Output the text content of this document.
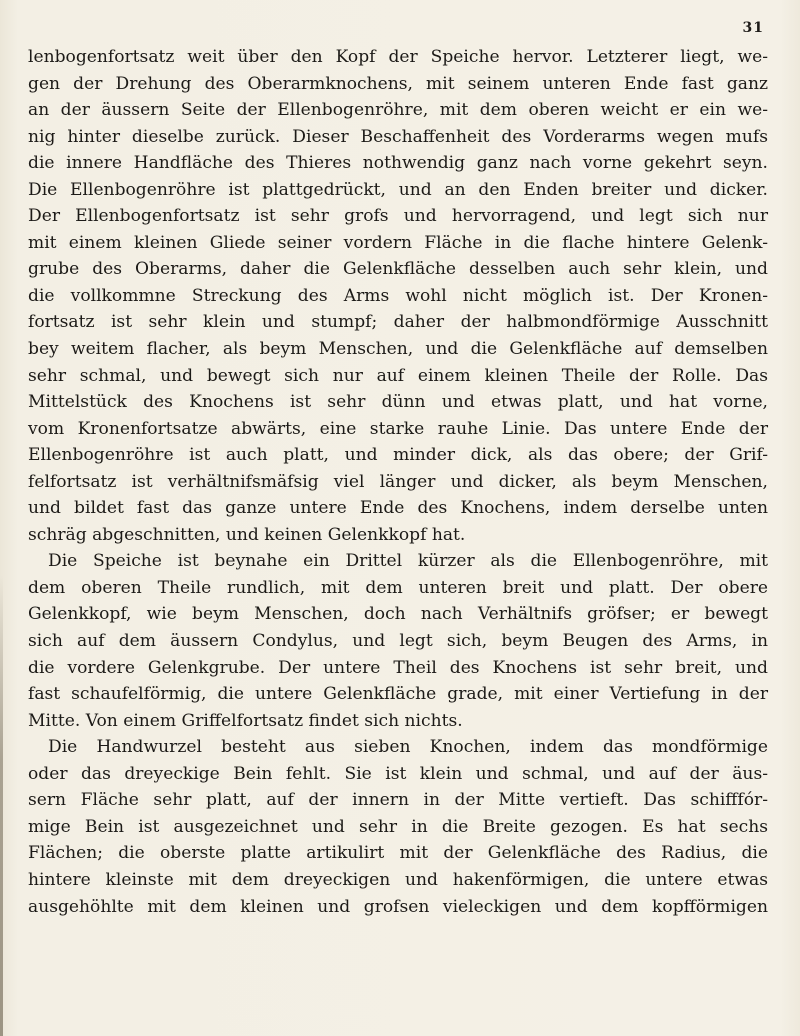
31
lenbogenfortsatz weit über den Kopf der Speiche hervor. Letzterer liegt, we-
gen der Drehung des Oberarmknochens, mit seinem unteren Ende fast ganz
an der äussern Seite der Ellenbogenröhre, mit dem oberen weicht er ein we-
nig hinter dieselbe zurück. Dieser Beschaffenheit des Vorderarms wegen mufs
die innere Handfläche des Thieres nothwendig ganz nach vorne gekehrt seyn.
Die Ellenbogenröhre ist plattgedrückt, und an den Enden breiter und dicker.
Der Ellenbogenfortsatz ist sehr grofs und hervorragend, und legt sich nur
mit einem kleinen Gliede seiner vordern Fläche in die flache hintere Gelenk-
grube des Oberarms, daher die Gelenkfläche desselben auch sehr klein, und
die vollkommne Streckung des Arms wohl nicht möglich ist. Der Kronen-
fortsatz ist sehr klein und stumpf; daher der halbmondförmige Ausschnitt
bey weitem flacher, als beym Menschen, und die Gelenkfläche auf demselben
sehr schmal, und bewegt sich nur auf einem kleinen Theile der Rolle. Das
Mittelstück des Knochens ist sehr dünn und etwas platt, und hat vorne,
vom Kronenfortsatze abwärts, eine starke rauhe Linie. Das untere Ende der
Ellenbogenröhre ist auch platt, und minder dick, als das obere; der Grif-
felfortsatz ist verhältnifsmäfsig viel länger und dicker, als beym Menschen,
und bildet fast das ganze untere Ende des Knochens, indem derselbe unten
schräg abgeschnitten, und keinen Gelenkkopf hat.
Die Speiche ist beynahe ein Drittel kürzer als die Ellenbogenröhre, mit
dem oberen Theile rundlich, mit dem unteren breit und platt. Der obere
Gelenkkopf, wie beym Menschen, doch nach Verhältnifs gröfser; er bewegt
sich auf dem äussern Condylus, und legt sich, beym Beugen des Arms, in
die vordere Gelenkgrube. Der untere Theil des Knochens ist sehr breit, und
fast schaufelförmig, die untere Gelenkfläche grade, mit einer Vertiefung in der
Mitte. Von einem Griffelfortsatz findet sich nichts.
Die Handwurzel besteht aus sieben Knochen, indem das mondförmige
oder das dreyeckige Bein fehlt. Sie ist klein und schmal, und auf der äus-
sern Fläche sehr platt, auf der innern in der Mitte vertieft. Das schifffór-
mige Bein ist ausgezeichnet und sehr in die Breite gezogen. Es hat sechs
Flächen; die oberste platte artikulirt mit der Gelenkfläche des Radius, die
hintere kleinste mit dem dreyeckigen und hakenförmigen, die untere etwas
ausgehöhlte mit dem kleinen und grofsen vieleckigen und dem kopfförmigen
